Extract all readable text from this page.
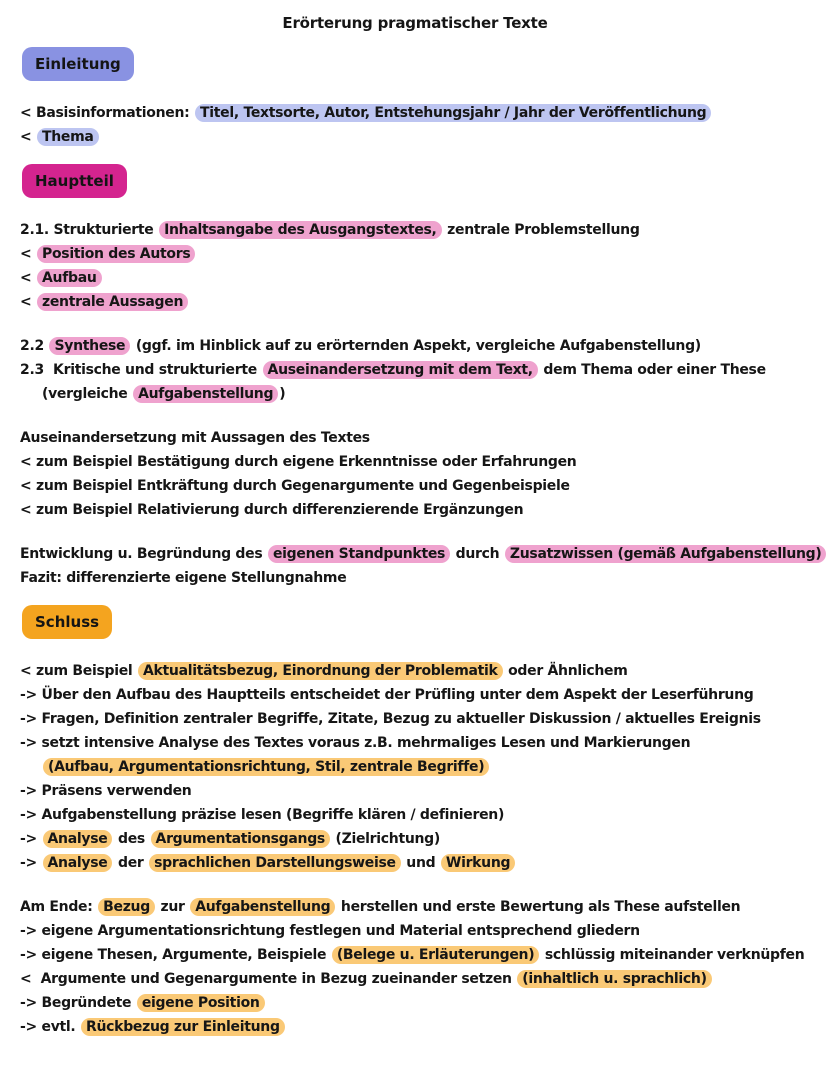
Erörterung pragmatischer Texte
Einleitung
< Basisinformationen: Titel, Textsorte, Autor, Entstehungsjahr / Jahr der Veröffentlichung
< Thema
Hauptteil
2.1. Strukturierte Inhaltsangabe des Ausgangstextes, zentrale Problemstellung
< Position des Autors
< Aufbau
< zentrale Aussagen
2.2 Synthese (ggf. im Hinblick auf zu erörternden Aspekt, vergleiche Aufgabenstellung)
2.3  Kritische und strukturierte Auseinandersetzung mit dem Text, dem Thema oder einer These
(vergleiche Aufgabenstellung )
Auseinandersetzung mit Aussagen des Textes
< zum Beispiel Bestätigung durch eigene Erkenntnisse oder Erfahrungen
< zum Beispiel Entkräftung durch Gegenargumente und Gegenbeispiele
< zum Beispiel Relativierung durch differenzierende Ergänzungen
Entwicklung u. Begründung des eigenen Standpunktes durch Zusatzwissen (gemäß Aufgabenstellung)
Fazit: differenzierte eigene Stellungnahme
Schluss
< zum Beispiel Aktualitätsbezug, Einordnung der Problematik oder Ähnlichem
-> Über den Aufbau des Hauptteils entscheidet der Prüfling unter dem Aspekt der Leserführung
-> Fragen, Definition zentraler Begriffe, Zitate, Bezug zu aktueller Diskussion / aktuelles Ereignis
-> setzt intensive Analyse des Textes voraus z.B. mehrmaliges Lesen und Markierungen
(Aufbau, Argumentationsrichtung, Stil, zentrale Begriffe)
-> Präsens verwenden
-> Aufgabenstellung präzise lesen (Begriffe klären / definieren)
-> Analyse des Argumentationsgangs (Zielrichtung)
-> Analyse der sprachlichen Darstellungsweise und Wirkung
Am Ende: Bezug zur Aufgabenstellung herstellen und erste Bewertung als These aufstellen
-> eigene Argumentationsrichtung festlegen und Material entsprechend gliedern
-> eigene Thesen, Argumente, Beispiele (Belege u. Erläuterungen) schlüssig miteinander verknüpfen
<  Argumente und Gegenargumente in Bezug zueinander setzen (inhaltlich u. sprachlich)
-> Begründete eigene Position
-> evtl. Rückbezug zur Einleitung
